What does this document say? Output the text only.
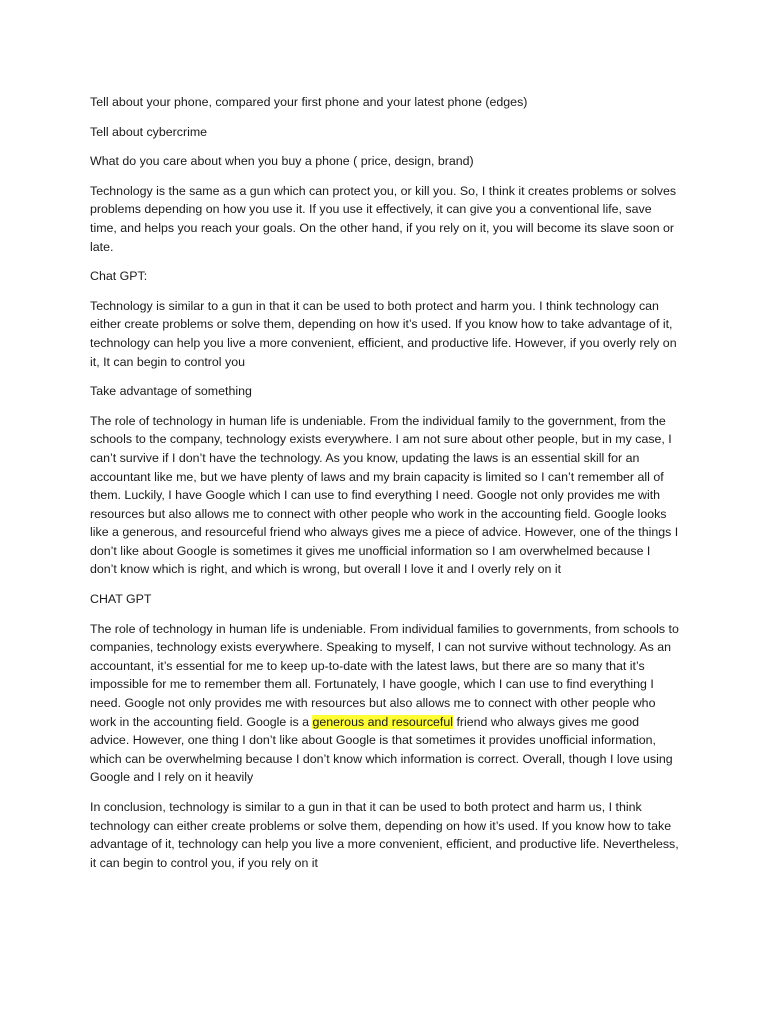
Tell about your phone, compared your first phone and your latest phone (edges)

Tell about cybercrime

What do you care about when you buy a phone ( price, design, brand)

Technology is the same as a gun which can protect you, or kill you. So, I think it creates problems or solves problems depending on how you use it. If you use it effectively, it can give you a conventional life, save time, and helps you reach your goals. On the other hand, if you rely on it, you will become its slave soon or late.

Chat GPT:

Technology is similar to a gun in that it can be used to both protect and harm you. I think technology can either create problems or solve them, depending on how it’s used. If you know how to take advantage of it, technology can help you live a more convenient, efficient, and productive life. However, if you overly rely on it, It can begin to control you

Take advantage of something

The role of technology in human life is undeniable. From the individual family to the government, from the schools to the company, technology exists everywhere. I am not sure about other people, but in my case, I can’t survive if I don’t have the technology. As you know, updating the laws is an essential skill for an accountant like me, but we have plenty of laws and my brain capacity is limited so I can’t remember all of them. Luckily, I have Google which I can use to find everything I need. Google not only provides me with resources but also allows me to connect with other people who work in the accounting field. Google looks like a generous, and resourceful friend who always gives me a piece of advice. However, one of the things I don’t like about Google is sometimes it gives me unofficial information so I am overwhelmed because I don’t know which is right, and which is wrong, but overall I love it and I overly rely on it

CHAT GPT

The role of technology in human life is undeniable. From individual families to governments, from schools to companies, technology exists everywhere. Speaking to myself, I can not survive without technology. As an accountant, it’s essential for me to keep up-to-date with the latest laws, but there are so many that it’s impossible for me to remember them all. Fortunately, I have google, which I can use to find everything I need. Google not only provides me with resources but also allows me to connect with other people who work in the accounting field. Google is a generous and resourceful friend who always gives me good advice. However, one thing I don’t like about Google is that sometimes it provides unofficial information, which can be overwhelming because I don’t know which information is correct. Overall, though I love using Google and I rely on it heavily

In conclusion, technology is similar to a gun in that it can be used to both protect and harm us, I think technology can either create problems or solve them, depending on how it’s used. If you know how to take advantage of it, technology can help you live a more convenient, efficient, and productive life. Nevertheless, it can begin to control you, if you rely on it
